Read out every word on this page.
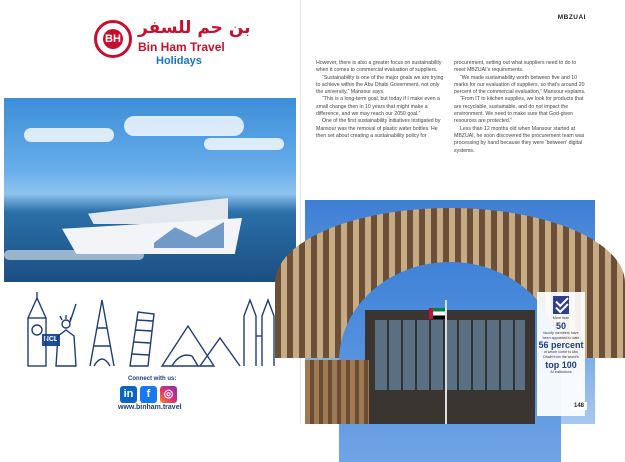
BH
بن حم للسفر
Bin Ham Travel
Holidays
NCL
NORWEGIAN
CRUISE LINE
Connect with us:
in	f	◎
www.binham.travel
MBZUAI

However, there is also a greater focus on sustainability when it comes to commercial evaluation of suppliers.

“Sustainability is one of the major goals we are trying to achieve within the Abu Dhabi Government, not only the university,” Mansour says.

“This is a long-term goal, but today if I make even a small change then in 10 years that might make a difference, and we may reach our 2050 goal.”

One of the first sustainability initiatives instigated by Mansour was the removal of plastic water bottles. He then set about creating a sustainability policy for

procurement, setting out what suppliers need to do to meet MBZUAI’s requirements.

“We made sustainability worth between five and 10 marks for our evaluation of suppliers, so that’s around 20 percent of the commercial evaluation,” Mansour explains.

“From IT to kitchen supplies, we look for products that are recyclable, sustainable, and do not impact the environment. We need to make sure that God-given resources are protected.”

Less than 12 months old when Mansour started at MBZUAI, he soon discovered the procurement team was processing by hand because they were ‘between’ digital systems.

More than
50
faculty members have been appointed to date
56 percent
of whom come to Abu Dhabi from the world’s
top 100
AI institutions
148
